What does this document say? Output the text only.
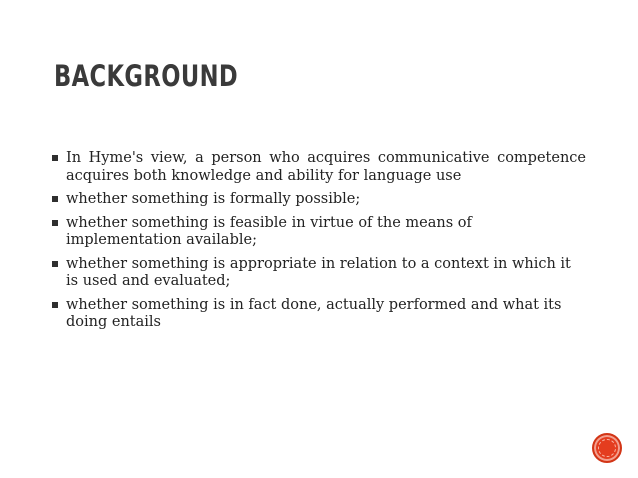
BACKGROUND
In Hyme's view, a person who acquires communicative competence acquires both knowledge and ability for language use
whether something is formally possible;
whether something is feasible in virtue of the means of implementation available;
whether something is appropriate in relation to a context in which it is used and evaluated;
whether something is in fact done, actually performed and what its doing entails
